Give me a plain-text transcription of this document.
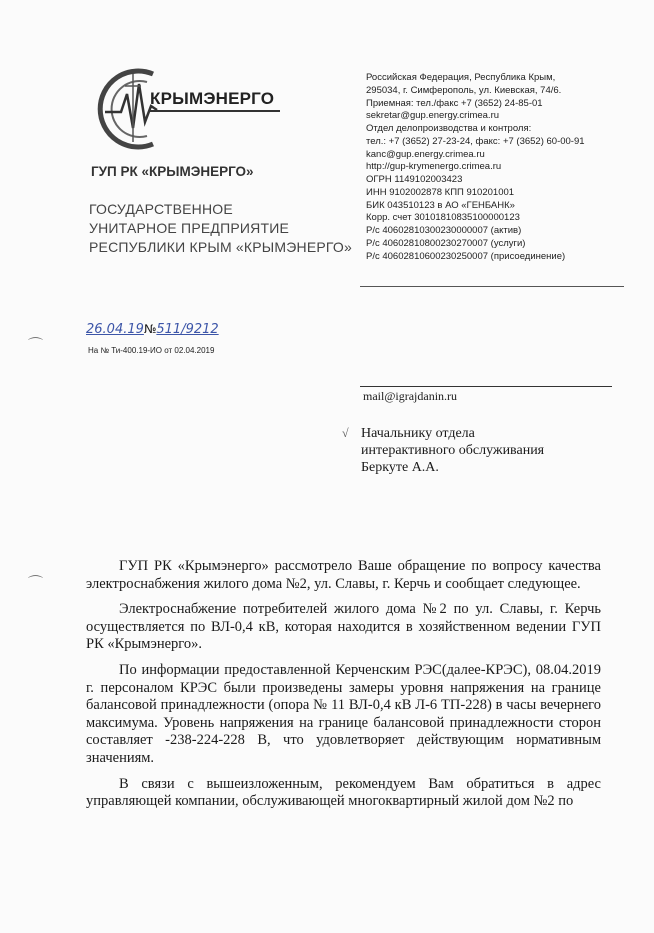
КРЫМЭНЕРГО
ГУП РК «КРЫМЭНЕРГО»
ГОСУДАРСТВЕННОЕ
УНИТАРНОЕ ПРЕДПРИЯТИЕ
РЕСПУБЛИКИ КРЫМ «КРЫМЭНЕРГО»
Российская Федерация, Республика Крым,
295034, г. Симферополь, ул. Киевская, 74/6.
Приемная: тел./факс +7 (3652) 24-85-01
sekretar@gup.energy.crimea.ru
Отдел делопроизводства и контроля:
тел.: +7 (3652) 27-23-24, факс: +7 (3652) 60-00-91
kanc@gup.energy.crimea.ru
http://gup-krymenergo.crimea.ru
ОГРН 1149102003423
ИНН 9102002878 КПП 910201001
БИК 043510123 в АО «ГЕНБАНК»
Корр. счет 30101810835100000123
Р/с 40602810300230000007 (актив)
Р/с 40602810800230270007 (услуги)
Р/с 40602810600230250007 (присоединение)
26.04.19№511/9212
На № Ти-400.19-ИО от 02.04.2019
mail@igrajdanin.ru
√ Начальнику отдела
интерактивного обслуживания
Беркуте А.А.
⌒
⌒

ГУП РК «Крымэнерго» рассмотрело Ваше обращение по вопросу качества электроснабжения жилого дома №2, ул. Славы, г. Керчь и сообщает следующее.

Электроснабжение потребителей жилого дома №2 по ул. Славы, г. Керчь осуществляется по ВЛ-0,4 кВ, которая находится в хозяйственном ведении ГУП РК «Крымэнерго».

По информации предоставленной Керченским РЭС(далее-КРЭС), 08.04.2019 г. персоналом КРЭС были произведены замеры уровня напряжения на границе балансовой принадлежности (опора № 11 ВЛ-0,4 кВ Л-6 ТП-228) в часы вечернего максимума. Уровень напряжения на границе балансовой принадлежности сторон составляет -238-224-228 В, что удовлетворяет действующим нормативным значениям.

В связи с вышеизложенным, рекомендуем Вам обратиться в адрес управляющей компании, обслуживающей многоквартирный жилой дом №2 по
